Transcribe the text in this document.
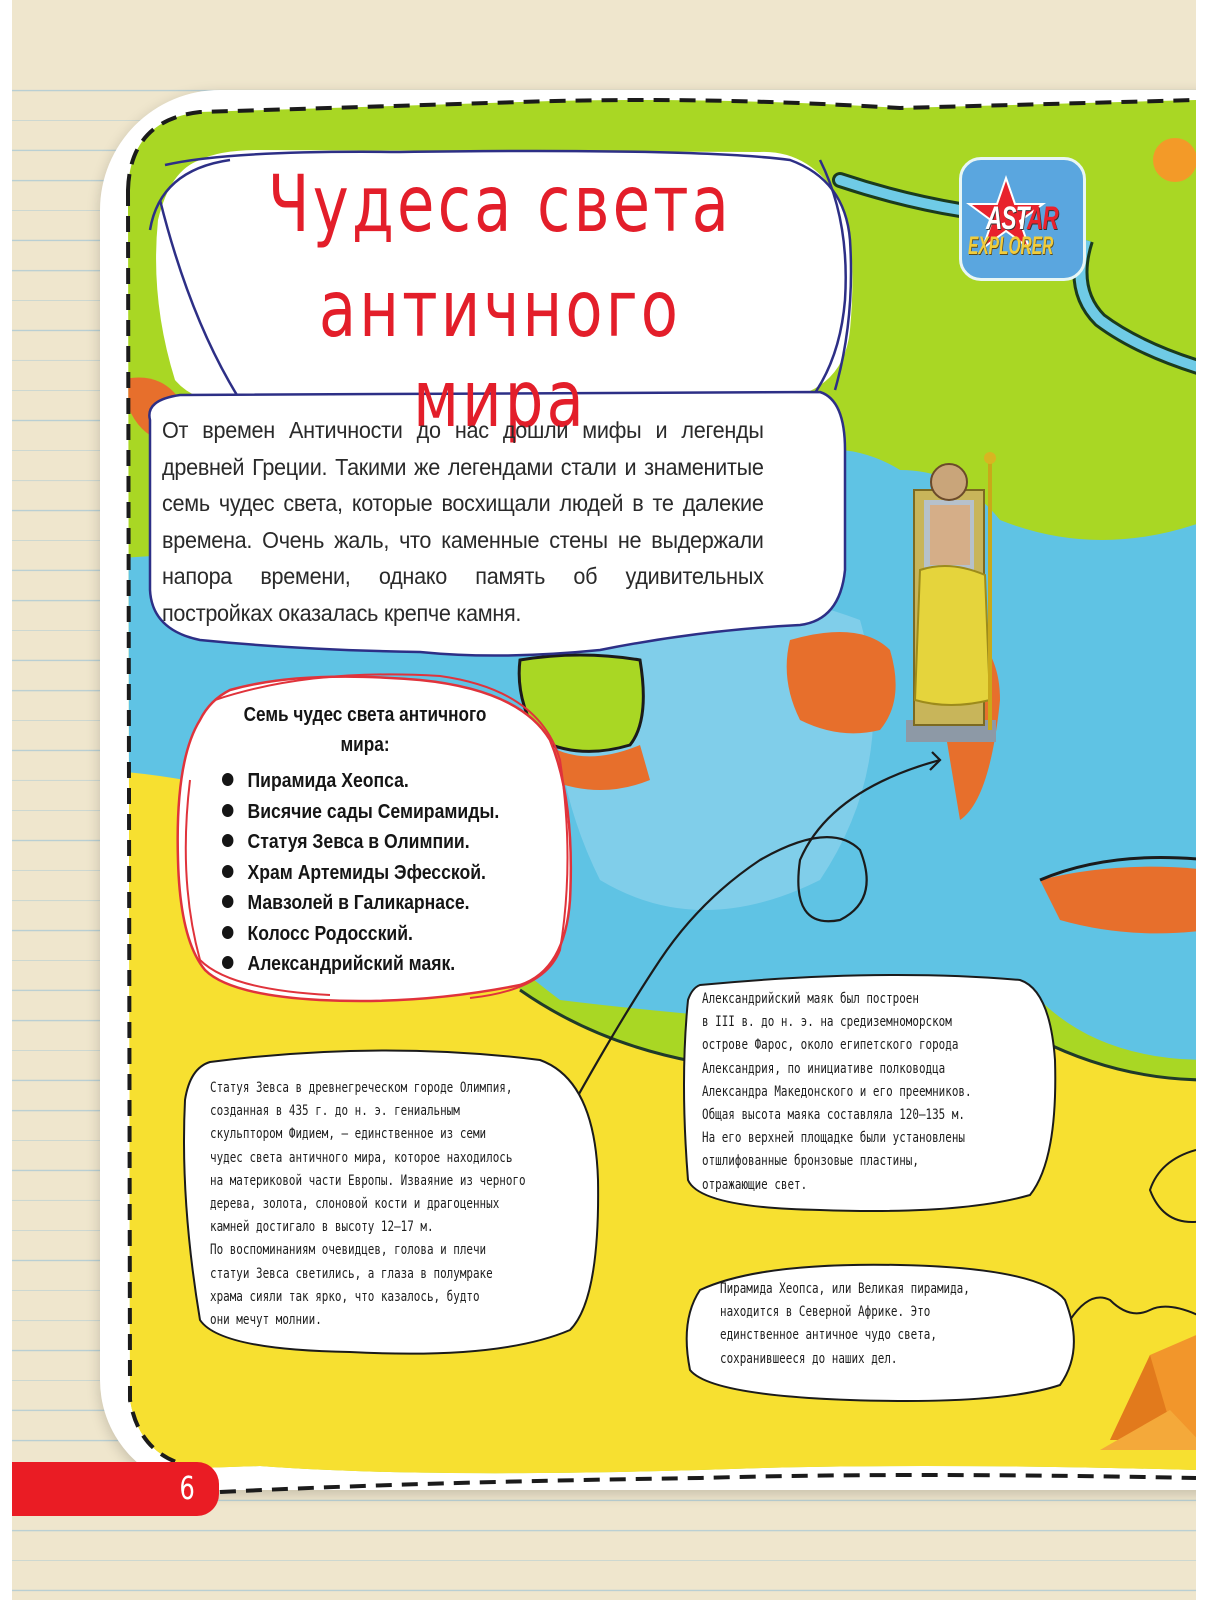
Чудеса света
античного мира
От времен Античности до нас дошли мифы и легенды древней Греции. Такими же легендами стали и знаменитые семь чудес света, которые восхищали людей в те далекие времена. Очень жаль, что каменные стены не выдержали напора времени, однако память об удивительных постройках оказалась крепче камня.
ASTAR
EXPLORER
Семь чудес света античного мира:
Пирамида Хеопса.
Висячие сады Семирамиды.
Статуя Зевса в Олимпии.
Храм Артемиды Эфесской.
Мавзолей в Галикарнасе.
Колосс Родосский.
Александрийский маяк.
Статуя Зевса в древнегреческом городе Олимпия,
созданная в 435 г. до н. э. гениальным
скульптором Фидием, — единственное из семи
чудес света античного мира, которое находилось
на материковой части Европы. Изваяние из черного
дерева, золота, слоновой кости и драгоценных
камней достигало в высоту 12—17 м.
По воспоминаниям очевидцев, голова и плечи
статуи Зевса светились, а глаза в полумраке
храма сияли так ярко, что казалось, будто
они мечут молнии.
Александрийский маяк был построен
в III в. до н. э. на средиземноморском
острове Фарос, около египетского города
Александрия, по инициативе полководца
Александра Македонского и его преемников.
Общая высота маяка составляла 120—135 м.
На его верхней площадке были установлены
отшлифованные бронзовые пластины,
отражающие свет.
Пирамида Хеопса, или Великая пирамида,
находится в Северной Африке. Это
единственное античное чудо света,
сохранившееся до наших дел.
6
